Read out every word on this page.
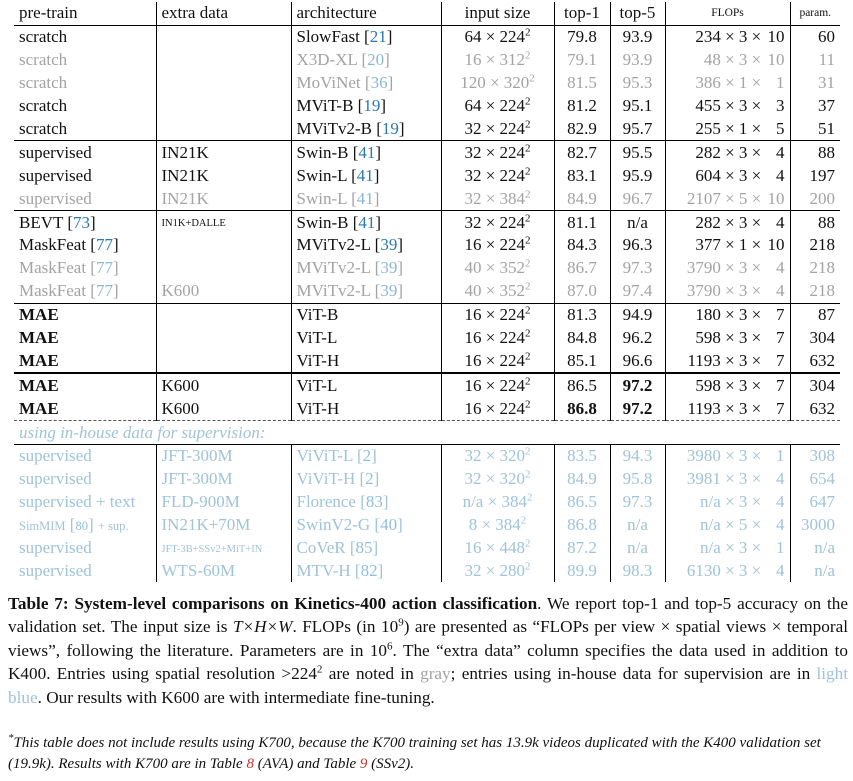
pre-train	extra data	architecture	input size	top-1	top-5	FLOPs	param.
scratch		SlowFast [21]	$64 \times 224^2$	79.8	93.9	234 × 3 × 10	60
scratch		X3D-XL [20]	$16 \times 312^2$	79.1	93.9	48 × 3 × 10	11
scratch		MoViNet [36]	$120 \times 320^2$	81.5	95.3	386 × 1 × 1	31
scratch		MViT-B [19]	$64 \times 224^2$	81.2	95.1	455 × 3 × 3	37
scratch		MViTv2-B [19]	$32 \times 224^2$	82.9	95.7	255 × 1 × 5	51
supervised	IN21K	Swin-B [41]	$32 \times 224^2$	82.7	95.5	282 × 3 × 4	88
supervised	IN21K	Swin-L [41]	$32 \times 224^2$	83.1	95.9	604 × 3 × 4	197
supervised	IN21K	Swin-L [41]	$32 \times 384^2$	84.9	96.7	2107 × 5 × 10	200
BEVT [73]	IN1K+DALLE	Swin-B [41]	$32 \times 224^2$	81.1	n/a	282 × 3 × 4	88
MaskFeat [77]		MViTv2-L [39]	$16 \times 224^2$	84.3	96.3	377 × 1 × 10	218
MaskFeat [77]		MViTv2-L [39]	$40 \times 352^2$	86.7	97.3	3790 × 3 × 4	218
MaskFeat [77]	K600	MViTv2-L [39]	$40 \times 352^2$	87.0	97.4	3790 × 3 × 4	218
MAE		ViT-B	$16 \times 224^2$	81.3	94.9	180 × 3 × 7	87
MAE		ViT-L	$16 \times 224^2$	84.8	96.2	598 × 3 × 7	304
MAE		ViT-H	$16 \times 224^2$	85.1	96.6	1193 × 3 × 7	632
MAE	K600	ViT-L	$16 \times 224^2$	86.5	97.2	598 × 3 × 7	304
MAE	K600	ViT-H	$16 \times 224^2$	86.8	97.2	1193 × 3 × 7	632
using in-house data for supervision:							
supervised	JFT-300M	ViViT-L [2]	$32 \times 320^2$	83.5	94.3	3980 × 3 × 1	308
supervised	JFT-300M	ViViT-H [2]	$32 \times 320^2$	84.9	95.8	3981 × 3 × 4	654
supervised + text	FLD-900M	Florence [83]	$n/a \times 384^2$	86.5	97.3	n/a × 3 × 4	647
SimMIM [80] + sup.	IN21K+70M	SwinV2-G [40]	$8 \times 384^2$	86.8	n/a	n/a × 5 × 4	3000
supervised	JFT-3B+SSv2+MiT+IN	CoVeR [85]	$16 \times 448^2$	87.2	n/a	n/a × 3 × 1	n/a
supervised	WTS-60M	MTV-H [82]	$32 \times 280^2$	89.9	98.3	6130 × 3 × 4	n/a
Table 7: System-level comparisons on Kinetics-400 action classification. We report top-1 and top-5 accuracy on the validation set. The input size is T×H×W. FLOPs (in $10^9$) are presented as “FLOPs per view × spatial views × temporal views”, following the literature. Parameters are in $10^6$. The “extra data” column specifies the data used in addition to K400. Entries using spatial resolution $>224^2$ are noted in gray; entries using in-house data for supervision are in light blue. Our results with K600 are with intermediate fine-tuning.
*This table does not include results using K700, because the K700 training set has 13.9k videos duplicated with the K400 validation set (19.9k). Results with K700 are in Table 8 (AVA) and Table 9 (SSv2).
